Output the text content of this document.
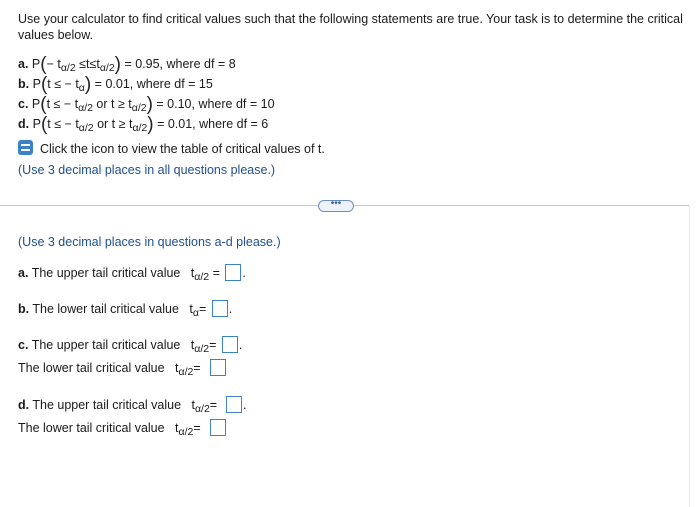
Use your calculator to find critical values such that the following statements are true. Your task is to determine the critical values below.
a. $P(- t_{\alpha/2} \le t\le t_{\alpha/2}) = 0.95$, where df = 8
b. P(t ≤ − $t_\alpha) = 0.01$, where df = 15
c. P(t ≤ − $t_{\alpha/2}$ or $t \ge t_{\alpha/2}) = 0.10$, where df = 10
d. P(t ≤ − $t_{\alpha/2}$ or $t \ge t_{\alpha/2}) = 0.01$, where df = 6
Click the icon to view the table of critical values of t.
(Use 3 decimal places in all questions please.)
•••
(Use 3 decimal places in questions a-d please.)
a. The upper tail critical value $t_{\alpha/2}$ = .
b. The lower tail critical value $t_\alpha=$ .
c. The upper tail critical value $t_{\alpha/2}=$ .
The lower tail critical value $t_{\alpha/2}=$
d. The upper tail critical value $t_{\alpha/2}=$ .
The lower tail critical value $t_{\alpha/2}=$
